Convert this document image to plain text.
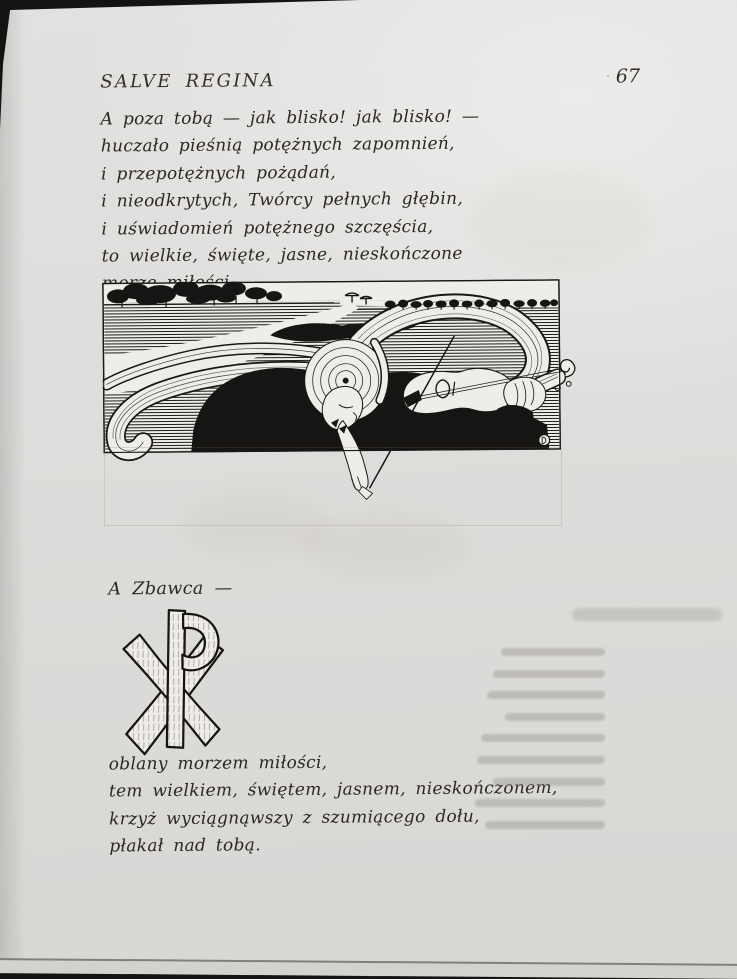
SALVE REGINA	. 67
A poza tobą — jak blisko! jak blisko! —
huczało pieśnią potężnych zapomnień,
i przepotężnych pożądań,
i nieodkrytych, Twórcy pełnych głębin,
i uświadomień potężnego szczęścia,
to wielkie, święte, jasne, nieskończone
A Zbawca —
oblany morzem miłości,
tem wielkiem, świętem, jasnem, nieskończonem,
krzyż wyciągnąwszy z szumiącego dołu,
płakał nad tobą.
